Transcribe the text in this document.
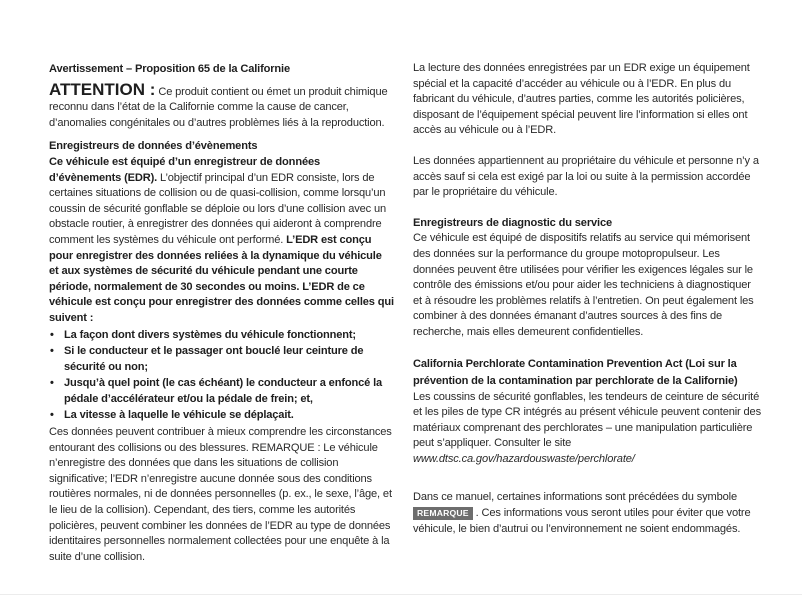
Avertissement – Proposition 65 de la Californie

ATTENTION : Ce produit contient ou émet un produit chimique reconnu dans l’état de la Californie comme la cause de cancer, d’anomalies congénitales ou d’autres problèmes liés à la reproduction.

Enregistreurs de données d’évènements

Ce véhicule est équipé d’un enregistreur de données d’évènements (EDR). L’objectif principal d’un EDR consiste, lors de certaines situations de collision ou de quasi-collision, comme lorsqu’un coussin de sécurité gonflable se déploie ou lors d’une collision avec un obstacle routier, à enregistrer des données qui aideront à comprendre comment les systèmes du véhicule ont performé. L’EDR est conçu pour enregistrer des données reliées à la dynamique du véhicule et aux systèmes de sécurité du véhicule pendant une courte période, normalement de 30 secondes ou moins. L’EDR de ce véhicule est conçu pour enregistrer des données comme celles qui suivent :

• La façon dont divers systèmes du véhicule fonctionnent;
• Si le conducteur et le passager ont bouclé leur ceinture de sécurité ou non;
• Jusqu’à quel point (le cas échéant) le conducteur a enfoncé la pédale d’accélérateur et/ou la pédale de frein; et,
• La vitesse à laquelle le véhicule se déplaçait.

Ces données peuvent contribuer à mieux comprendre les circonstances entourant des collisions ou des blessures. REMARQUE : Le véhicule n’enregistre des données que dans les situations de collision significative; l’EDR n’enregistre aucune donnée sous des conditions routières normales, ni de données personnelles (p. ex., le sexe, l’âge, et le lieu de la collision). Cependant, des tiers, comme les autorités policières, peuvent combiner les données de l’EDR au type de données identitaires personnelles normalement collectées pour une enquête à la suite d’une collision.

La lecture des données enregistrées par un EDR exige un équipement spécial et la capacité d’accéder au véhicule ou à l’EDR. En plus du fabricant du véhicule, d’autres parties, comme les autorités policières, disposant de l’équipement spécial peuvent lire l’information si elles ont accès au véhicule ou à l’EDR.

Les données appartiennent au propriétaire du véhicule et personne n’y a accès sauf si cela est exigé par la loi ou suite à la permission accordée par le propriétaire du véhicule.

Enregistreurs de diagnostic du service

Ce véhicule est équipé de dispositifs relatifs au service qui mémorisent des données sur la performance du groupe motopropulseur. Les données peuvent être utilisées pour vérifier les exigences légales sur le contrôle des émissions et/ou pour aider les techniciens à diagnostiquer et à résoudre les problèmes relatifs à l’entretien. On peut également les combiner à des données émanant d’autres sources à des fins de recherche, mais elles demeurent confidentielles.

California Perchlorate Contamination Prevention Act (Loi sur la prévention de la contamination par perchlorate de la Californie)

Les coussins de sécurité gonflables, les tendeurs de ceinture de sécurité et les piles de type CR intégrés au présent véhicule peuvent contenir des matériaux comprenant des perchlorates – une manipulation particulière peut s’appliquer. Consulter le site www.dtsc.ca.gov/hazardouswaste/perchlorate/

Dans ce manuel, certaines informations sont précédées du symbole REMARQUE . Ces informations vous seront utiles pour éviter que votre véhicule, le bien d’autrui ou l’environnement ne soient endommagés.
